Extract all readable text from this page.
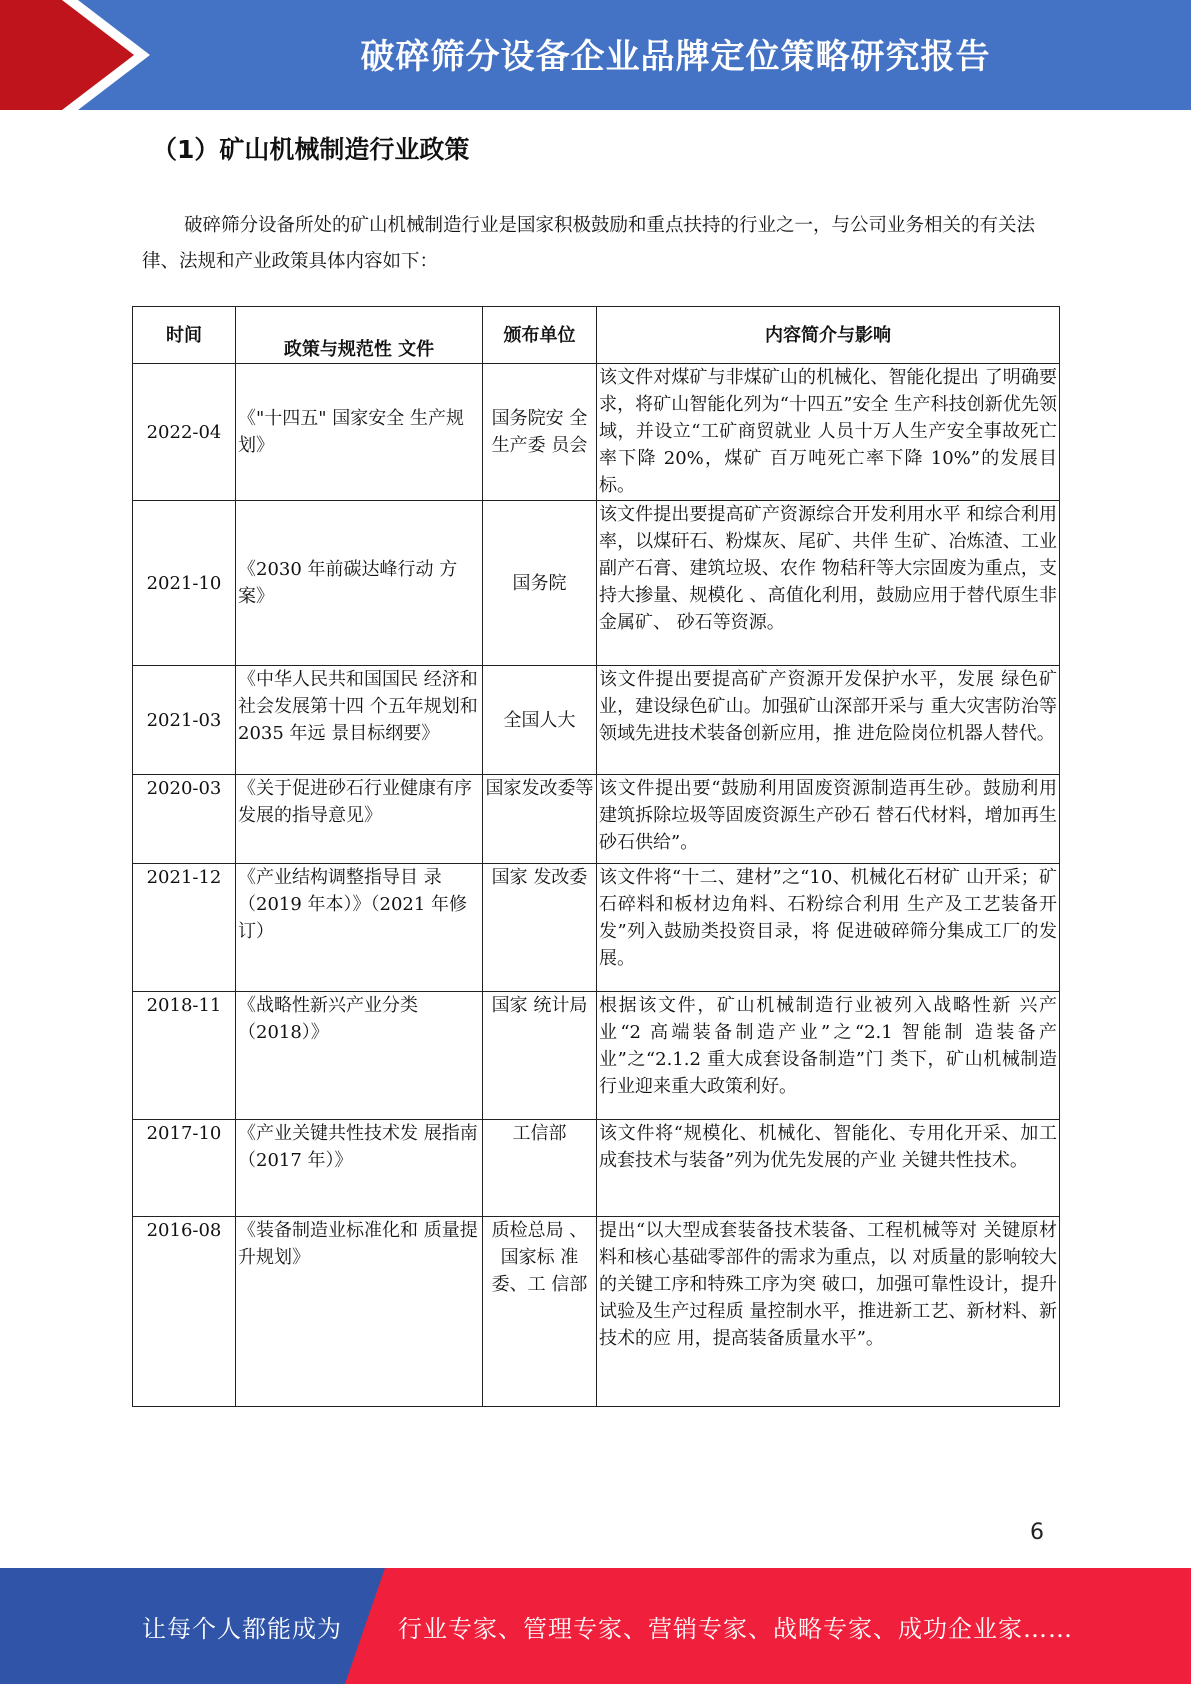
破碎筛分设备企业品牌定位策略研究报告
（1）矿山机械制造行业政策
破碎筛分设备所处的矿山机械制造行业是国家积极鼓励和重点扶持的行业之一，与公司业务相关的有关法律、法规和产业政策具体内容如下：
时间	政策与规范性 文件	颁布单位	内容简介与影响
2022-04	《"十四五" 国家安全 生产规划》	国务院安 全生产委 员会	该文件对煤矿与非煤矿山的机械化、智能化提出 了明确要求，将矿山智能化列为“十四五”安全 生产科技创新优先领域，并设立“工矿商贸就业 人员十万人生产安全事故死亡率下降 20%，煤矿 百万吨死亡率下降 10%”的发展目标。
2021-10	《2030 年前碳达峰行动 方案》	国务院	该文件提出要提高矿产资源综合开发利用水平 和综合利用率，以煤矸石、粉煤灰、尾矿、共伴 生矿、冶炼渣、工业副产石膏、建筑垃圾、农作 物秸秆等大宗固废为重点，支持大掺量、规模化 、高值化利用，鼓励应用于替代原生非金属矿、 砂石等资源。
2021-03	《中华人民共和国国民 经济和社会发展第十四 个五年规划和 2035 年远 景目标纲要》	全国人大	该文件提出要提高矿产资源开发保护水平，发展 绿色矿业，建设绿色矿山。加强矿山深部开采与 重大灾害防治等领域先进技术装备创新应用，推 进危险岗位机器人替代。
2020-03	《关于促进砂石行业健康有序发展的指导意见》	国家发改委等	该文件提出要“鼓励利用固废资源制造再生砂。鼓励利用建筑拆除垃圾等固废资源生产砂石 替石代材料，增加再生砂石供给”。
2021-12	《产业结构调整指导目 录（2019 年本）》（2021 年修订）	国家 发改委	该文件将“十二、建材”之“10、机械化石材矿 山开采；矿石碎料和板材边角料、石粉综合利用 生产及工艺装备开发”列入鼓励类投资目录，将 促进破碎筛分集成工厂的发展。
2018-11	《战略性新兴产业分类（2018）》	国家 统计局	根据该文件，矿山机械制造行业被列入战略性新 兴产业“2 高端装备制造产业”之“2.1 智能制 造装备产业”之“2.1.2 重大成套设备制造”门 类下，矿山机械制造行业迎来重大政策利好。
2017-10	《产业关键共性技术发 展指南（2017 年）》	工信部	该文件将“规模化、机械化、智能化、专用化开采、加工成套技术与装备”列为优先发展的产业 关键共性技术。
2016-08	《装备制造业标准化和 质量提升规划》	质检总局 、国家标 准委、工 信部	提出“以大型成套装备技术装备、工程机械等对 关键原材料和核心基础零部件的需求为重点，以 对质量的影响较大的关键工序和特殊工序为突 破口，加强可靠性设计，提升试验及生产过程质 量控制水平，推进新工艺、新材料、新技术的应 用，提高装备质量水平”。
6
让每个人都能成为 行业专家、管理专家、营销专家、战略专家、成功企业家……
